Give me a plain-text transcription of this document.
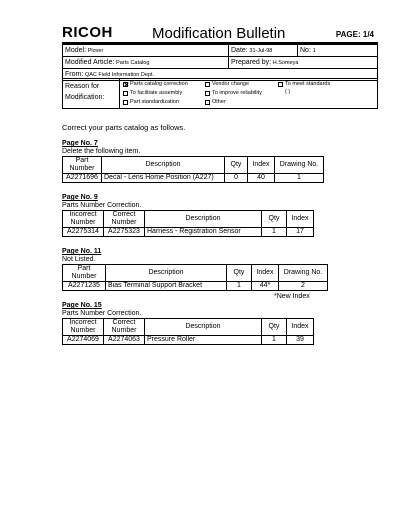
RICOH	Modification Bulletin	PAGE: 1/4
Model: Plover	Date: 31-Jul-98	No: 1
Modified Article: Parts Catalog	Prepared by: H.Someya	
From: QAC Field Information Dept.		
Reason for
Modification:
Parts catalog correction	Vendor change	To meet standards
To facilitate assembly	To improve reliability	( )
Part standardization	Other
Correct your parts catalog as follows.
Page No. 7
Delete the following item.
Part Number	Description	Qty	Index	Drawing No.
A2271696	Decal - Lens Home Position (A227)	0	40	1
Page No. 9
Parts Number Correction.
Incorrect Number	Correct Number	Description	Qty	Index
A2275314	A2275323	Harness - Registration Sensor	1	17
Page No. 11
Not Listed.
Part Number	Description	Qty	Index	Drawing No.
A2271235	Bias Terminal Support Bracket	1	44*	2
*New Index
Page No. 15
Parts Number Correction.
Incorrect Number	Correct Number	Description	Qty	Index
A2274069	A2274063	Pressure Roller	1	39
